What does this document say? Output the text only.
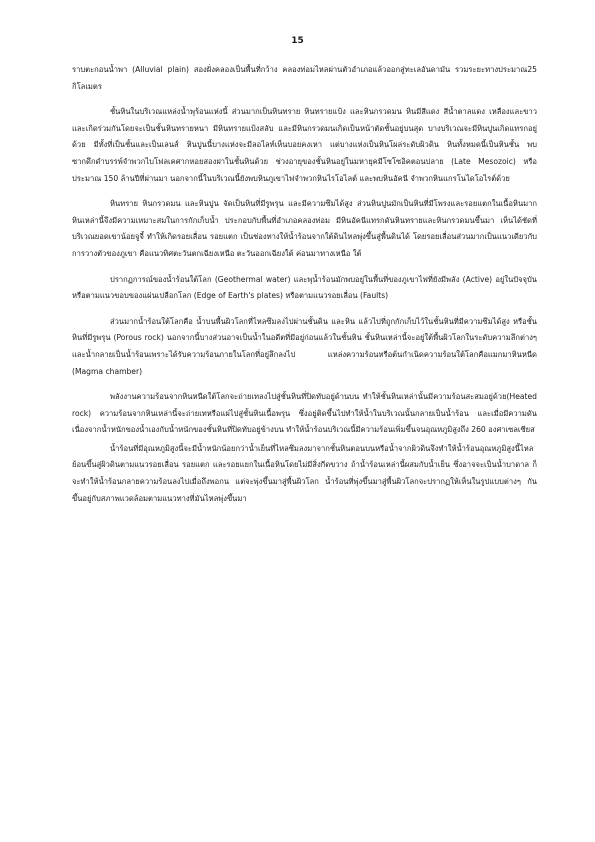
15

ราบตะกอนน้ำพา (Alluvial plain) สองฝั่งคลองเป็นพื้นที่กว้าง คลองท่อมไหลผ่านตัวอำเภอแล้วออกสู่ทะเลอันดามัน รวมระยะทางประมาณ25 กิโลเมตร

ชั้นหินในบริเวณแหล่งน้ำพุร้อนแห่งนี้ ส่วนมากเป็นหินทราย หินทรายแป้ง และหินกรวดมน หินมีสีแดง สีน้ำตาลแดง เหลืองและขาว และเกิดร่วมกันโดยจะเป็นชั้นหินทรายหนา มีหินทรายแป้งสลับ และมีหินกรวดมนเกิดเป็นหน้าตัดชั้นอยู่บนสุด บางบริเวณจะมีหินปูนเกิดแทรกอยู่ด้วย มีทั้งที่เป็นชั้นและเป็นเลนส์ หินปูนนี้บางแห่งจะมีลอไลท์เห็นบอยคงเหา แต่บางแห่งเป็นหินโผล่ระดับผิวดิน หินทั้งหมดนี้เป็นหินชั้น พบซากดึกดำบรรพ์จำพวกไบโฟลเคศากหอยสองฝาในชั้นหินด้วย ช่วงอายุของชั้นหินอยู่ในมหายุคมีโซโซอิคตอนปลาย (Late Mesozoic) หรือประมาณ 150 ล้านปีที่ผ่านมา นอกจากนี้ในบริเวณนี้ยังพบหินภูเขาไฟจำพวกหินไรโอไลต์ และพบหินอัคนี จำพวกหินแกรโนไดโอไรต์ด้วย

หินทราย หินกรวดมน และหินปูน จัดเป็นหินที่มีรูพรุน และมีความซึมได้สูง ส่วนหินปูนมักเป็นหินที่มีโพรงและรอยแตกในเนื้อหินมาก หินเหล่านี้จึงมีความเหมาะสมในการกักเก็บน้ำ ประกอบกับพื้นที่อำเภอคลองท่อม มีหินอัคนีแทรกดันหินทรายและหินกรวดมนขึ้นมา เห็นได้ชัดที่บริเวณยอดเขาน้อยจูจี้ ทำให้เกิดรอยเลื่อน รอยแตก เป็นช่องทางให้น้ำร้อนจากใต้ดินไหลพุ่งขึ้นสู่พื้นดินได้ โดยรอยเลื่อนส่วนมากเป็นแนวเดียวกับการวางตัวของภูเขา คือแนวทิศตะวันตกเฉียงเหนือ ตะวันออกเฉียงใต้ ค่อนมาทางเหนือ ใต้

ปรากฏการณ์ของน้ำร้อนใต้โลก (Geothermal water) และพุน้ำร้อนมักพบอยู่ในพื้นที่ของภูเขาไฟที่ยังมีพลัง (Active) อยู่ในปัจจุบัน หรือตามแนวขอบของแผ่นเปลือกโลก (Edge of Earth's plates) หรือตามแนวรอยเลื่อน (Faults)

ส่วนมากน้ำร้อนใต้โลกคือ น้ำบนพื้นผิวโลกที่ไหลซึมลงไปผ่านชั้นดิน และหิน แล้วไปที่ถูกกักเก็บไว้ในชั้นหินที่มีความซึมได้สูง หรือชั้นหินที่มีรูพรุน (Porous rock) นอกจากนี้บางส่วนอาจเป็นน้ำในอดีตที่มีอยู่ก่อนแล้วในชั้นหิน ชั้นหินเหล่านี้จะอยู่ใต้พื้นผิวโลกในระดับความลึกต่างๆ และน้ำกลายเป็นน้ำร้อนเพราะได้รับความร้อนภายในโลกที่อยู่ลึกลงไป แหล่งความร้อนหรือต้นกำเนิดความร้อนใต้โลกคือแมกมาหินหนืด (Magma chamber)

พลังงานความร้อนจากหินหนืดใต้โลกจะถ่ายเทลงไปสู่ชั้นหินที่ปิดทับอยู่ด้านบน ทำให้ชั้นหินเหล่านั้นมีความร้อนสะสมอยู่ด้วย(Heated rock) ความร้อนจากหินเหล่านี้จะถ่ายเทหรือแผ่ไปสู่ชั้นหินเนื้อพรุน ซึ่งอยู่ติดขึ้นไปทำให้น้ำในบริเวณนั้นกลายเป็นน้ำร้อน และเมื่อมีความดันเนื่องจากน้ำหนักของน้ำเองกับน้ำหนักของชั้นหินที่ปิดทับอยู่ข้างบน ทำให้น้ำร้อนบริเวณนี้มีความร้อนเพิ่มขึ้นจนอุณหภูมิสูงถึง 260 องศาเซลเซียส

น้ำร้อนที่มีอุณหภูมิสูงนี้จะมีน้ำหนักน้อยกว่าน้ำเย็นที่ไหลซึมลงมาจากชั้นหินตอนบนหรือน้ำจากผิวดินจึงทำให้น้ำร้อนอุณหภูมิสูงนี้ไหลย้อนขึ้นสู่ผิวดินตามแนวรอยเลื่อน รอยแตก และรอยแยกในเนื้อหินโดยไม่มีสิ่งกีดขวาง ถ้าน้ำร้อนเหล่านี้ผสมกับน้ำเย็น ซึ่งอาจจะเป็นน้ำบาดาล ก็จะทำให้น้ำร้อนกลายความร้อนลงไปเมื่อถึงพอกน แต่จะพุ่งขึ้นมาสู่พื้นผิวโลก น้ำร้อนที่พุ่งขึ้นมาสู่พื้นผิวโลกจะปรากฏให้เห็นในรูปแบบต่างๆ กัน ขึ้นอยู่กับสภาพแวดล้อมตามแนวทางที่มันไหลพุ่งขึ้นมา
